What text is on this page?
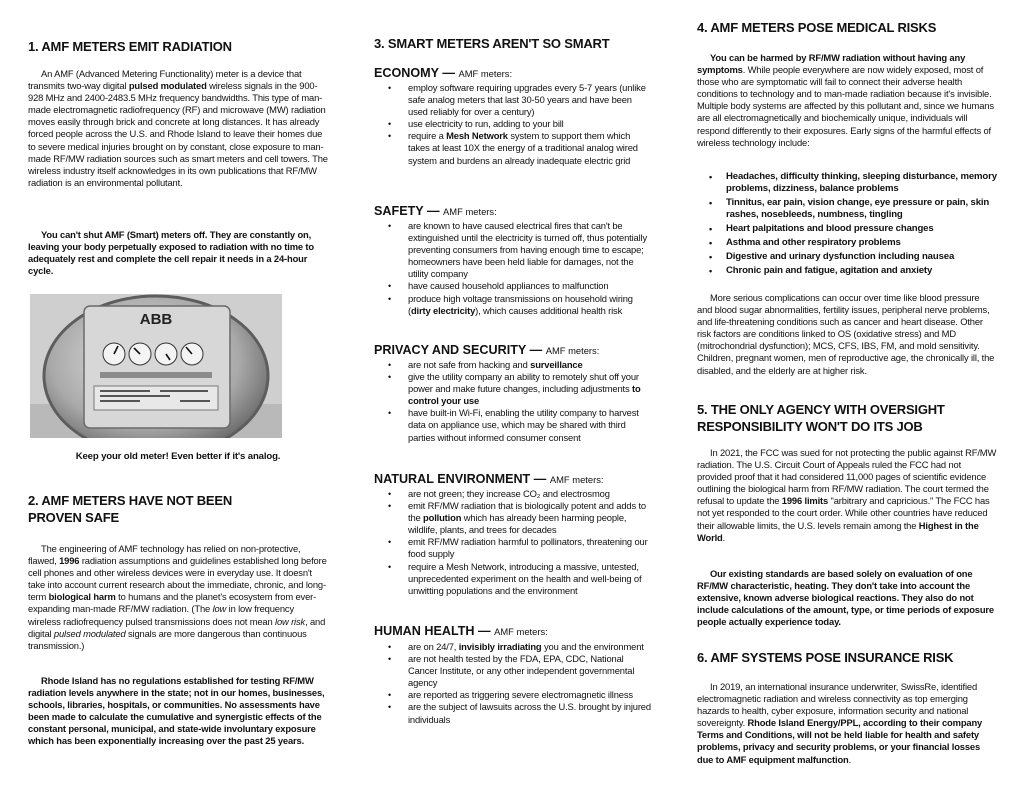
1. AMF METERS EMIT RADIATION

An AMF (Advanced Metering Functionality) meter is a device that transmits two-way digital pulsed modulated wireless signals in the 900-928 MHz and 2400-2483.5 MHz frequency bandwidths. This type of man-made electromagnetic radiofrequency (RF) and microwave (MW) radiation moves easily through brick and concrete at long distances. It has already forced people across the U.S. and Rhode Island to leave their homes due to severe medical injuries brought on by constant, close exposure to man-made RF/MW radiation sources such as smart meters and cell towers. The wireless industry itself acknowledges in its own publications that RF/MW radiation is an environmental pollutant.

You can't shut AMF (Smart) meters off. They are constantly on, leaving your body perpetually exposed to radiation with no time to adequately rest and complete the cell repair it needs in a 24-hour cycle.

ABB

Keep your old meter! Even better if it's analog.

2. AMF METERS HAVE NOT BEEN
PROVEN SAFE

The engineering of AMF technology has relied on non-protective, flawed, 1996 radiation assumptions and guidelines established long before cell phones and other wireless devices were in everyday use. It doesn't take into account current research about the immediate, chronic, and long-term biological harm to humans and the planet's ecosystem from ever-expanding man-made RF/MW radiation. (The low in low frequency wireless radiofrequency pulsed transmissions does not mean low risk, and digital pulsed modulated signals are more dangerous than continuous transmission.)

Rhode Island has no regulations established for testing RF/MW radiation levels anywhere in the state; not in our homes, businesses, schools, libraries, hospitals, or communities. No assessments have been made to calculate the cumulative and synergistic effects of the constant personal, municipal, and state-wide involuntary exposure which has been exponentially increasing over the past 25 years.

3. SMART METERS AREN'T SO SMART
ECONOMY — AMF meters:
• employ software requiring upgrades every 5-7 years (unlike safe analog meters that last 30-50 years and have been used reliably for over a century)
• use electricity to run, adding to your bill
• require a Mesh Network system to support them which takes at least 10X the energy of a traditional analog wired system and burdens an already inadequate electric grid
SAFETY — AMF meters:
• are known to have caused electrical fires that can't be extinguished until the electricity is turned off, thus potentially preventing consumers from having enough time to escape; homeowners have been held liable for damages, not the utility company
• have caused household appliances to malfunction
• produce high voltage transmissions on household wiring (dirty electricity), which causes additional health risk
PRIVACY AND SECURITY — AMF meters:
• are not safe from hacking and surveillance
• give the utility company an ability to remotely shut off your power and make future changes, including adjustments to control your use
• have built-in Wi-Fi, enabling the utility company to harvest data on appliance use, which may be shared with third parties without informed consumer consent
NATURAL ENVIRONMENT — AMF meters:
• are not green; they increase CO₂ and electrosmog
• emit RF/MW radiation that is biologically potent and adds to the pollution which has already been harming people, wildlife, plants, and trees for decades
• emit RF/MW radiation harmful to pollinators, threatening our food supply
• require a Mesh Network, introducing a massive, untested, unprecedented experiment on the health and well-being of unwitting populations and the environment
HUMAN HEALTH — AMF meters:
• are on 24/7, invisibly irradiating you and the environment
• are not health tested by the FDA, EPA, CDC, National Cancer Institute, or any other independent governmental agency
• are reported as triggering severe electromagnetic illness
• are the subject of lawsuits across the U.S. brought by injured individuals
4. AMF METERS POSE MEDICAL RISKS

You can be harmed by RF/MW radiation without having any symptoms. While people everywhere are now widely exposed, most of those who are symptomatic will fail to connect their adverse health conditions to technology and to man-made radiation because it's invisible. Multiple body systems are affected by this pollutant and, since we humans are all electromagnetically and biochemically unique, individuals will respond differently to their exposures. Early signs of the harmful effects of wireless technology include:

• Headaches, difficulty thinking, sleeping disturbance, memory problems, dizziness, balance problems
• Tinnitus, ear pain, vision change, eye pressure or pain, skin rashes, nosebleeds, numbness, tingling
• Heart palpitations and blood pressure changes
• Asthma and other respiratory problems
• Digestive and urinary dysfunction including nausea
• Chronic pain and fatigue, agitation and anxiety

More serious complications can occur over time like blood pressure and blood sugar abnormalities, fertility issues, peripheral nerve problems, and life-threatening conditions such as cancer and heart disease. Other risk factors are conditions linked to OS (oxidative stress) and MD (mitrochondrial dysfunction); MCS, CFS, IBS, FM, and mold sensitivity. Children, pregnant women, men of reproductive age, the chronically ill, the disabled, and the elderly are at higher risk.

5. THE ONLY AGENCY WITH OVERSIGHT
RESPONSIBILITY WON'T DO ITS JOB

In 2021, the FCC was sued for not protecting the public against RF/MW radiation. The U.S. Circuit Court of Appeals ruled the FCC had not provided proof that it had considered 11,000 pages of scientific evidence outlining the biological harm from RF/MW radiation. The court termed the refusal to update the 1996 limits "arbitrary and capricious." The FCC has not yet responded to the court order. While other countries have reduced their allowable limits, the U.S. levels remain among the Highest in the World.

Our existing standards are based solely on evaluation of one RF/MW characteristic, heating. They don't take into account the extensive, known adverse biological reactions. They also do not include calculations of the amount, type, or time periods of exposure people actually experience today.

6. AMF SYSTEMS POSE INSURANCE RISK

In 2019, an international insurance underwriter, SwissRe, identified electromagnetic radiation and wireless connectivity as top emerging hazards to health, cyber exposure, information security and national sovereignty. Rhode Island Energy/PPL, according to their company Terms and Conditions, will not be held liable for health and safety problems, privacy and security problems, or your financial losses due to AMF equipment malfunction.
